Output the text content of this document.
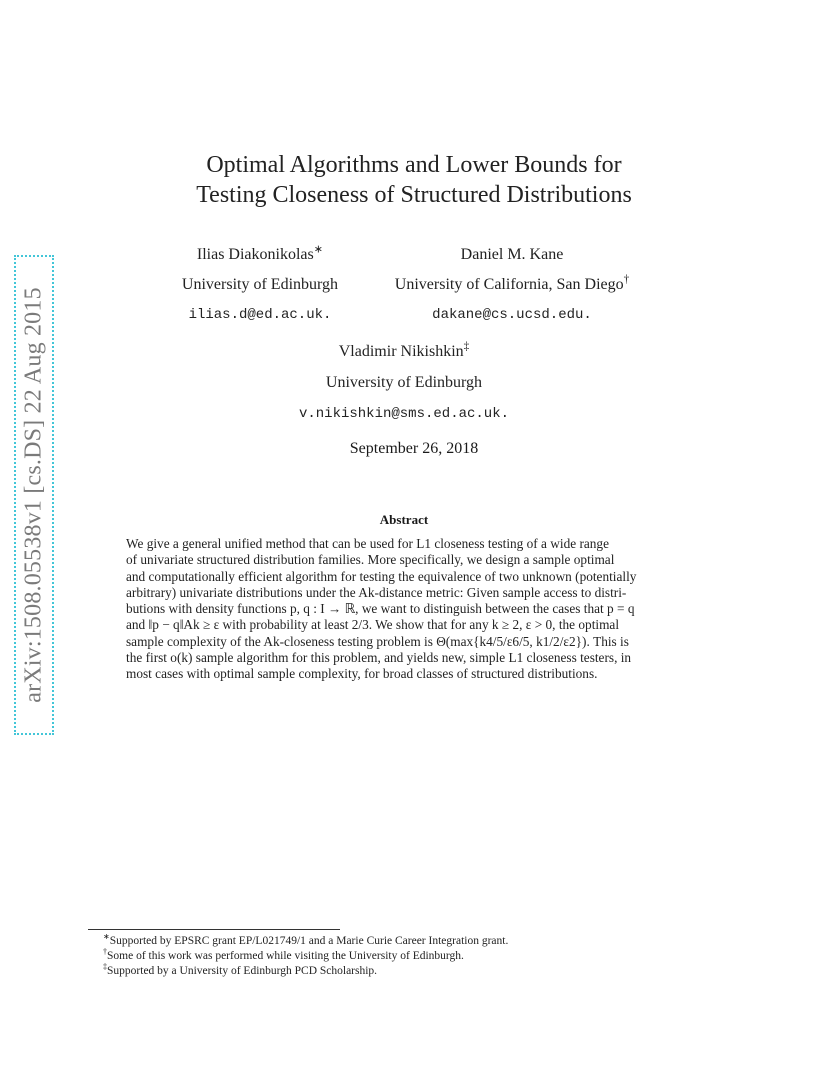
arXiv:1508.05538v1 [cs.DS] 22 Aug 2015
Optimal Algorithms and Lower Bounds for
Testing Closeness of Structured Distributions
Ilias Diakonikolas∗
University of Edinburgh
ilias.d@ed.ac.uk.
Daniel M. Kane
University of California, San Diego†
dakane@cs.ucsd.edu.
Vladimir Nikishkin‡
University of Edinburgh
v.nikishkin@sms.ed.ac.uk.
September 26, 2018
Abstract
We give a general unified method that can be used for L1 closeness testing of a wide range
of univariate structured distribution families. More specifically, we design a sample optimal
and computationally efficient algorithm for testing the equivalence of two unknown (potentially
arbitrary) univariate distributions under the Ak-distance metric: Given sample access to distri-
butions with density functions p, q : I → ℝ, we want to distinguish between the cases that p = q
and ‖p − q‖Ak ≥ ε with probability at least 2/3. We show that for any k ≥ 2, ε > 0, the optimal
sample complexity of the Ak-closeness testing problem is Θ(max{k4/5/ε6/5, k1/2/ε2}). This is
the first o(k) sample algorithm for this problem, and yields new, simple L1 closeness testers, in
most cases with optimal sample complexity, for broad classes of structured distributions.
∗Supported by EPSRC grant EP/L021749/1 and a Marie Curie Career Integration grant.
†Some of this work was performed while visiting the University of Edinburgh.
‡Supported by a University of Edinburgh PCD Scholarship.
